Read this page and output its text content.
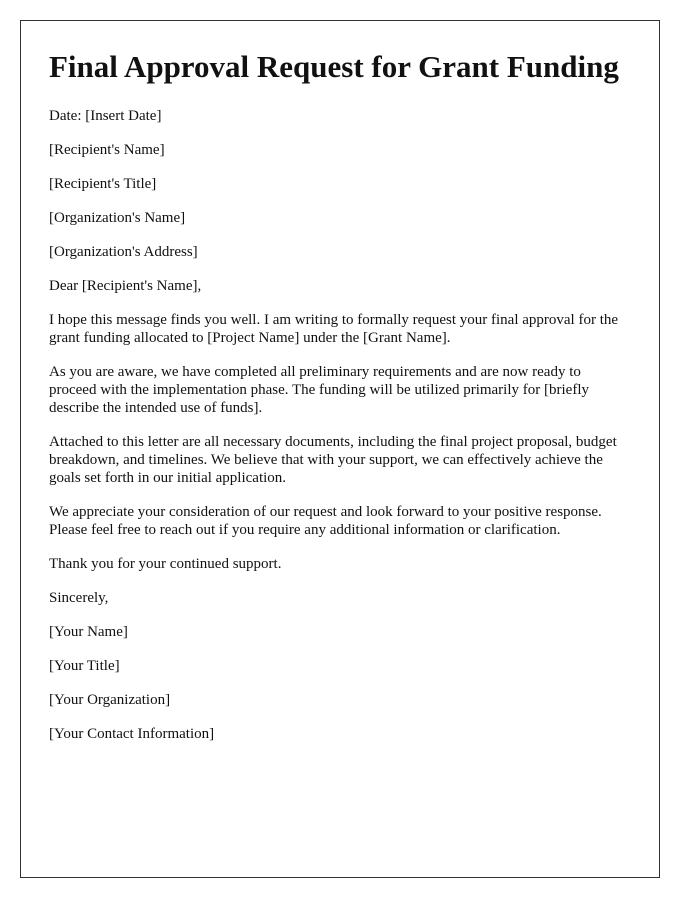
Final Approval Request for Grant Funding

Date: [Insert Date]

[Recipient's Name]

[Recipient's Title]

[Organization's Name]

[Organization's Address]

Dear [Recipient's Name],

I hope this message finds you well. I am writing to formally request your final approval for the grant funding allocated to [Project Name] under the [Grant Name].

As you are aware, we have completed all preliminary requirements and are now ready to proceed with the implementation phase. The funding will be utilized primarily for [briefly describe the intended use of funds].

Attached to this letter are all necessary documents, including the final project proposal, budget breakdown, and timelines. We believe that with your support, we can effectively achieve the goals set forth in our initial application.

We appreciate your consideration of our request and look forward to your positive response. Please feel free to reach out if you require any additional information or clarification.

Thank you for your continued support.

Sincerely,

[Your Name]

[Your Title]

[Your Organization]

[Your Contact Information]
